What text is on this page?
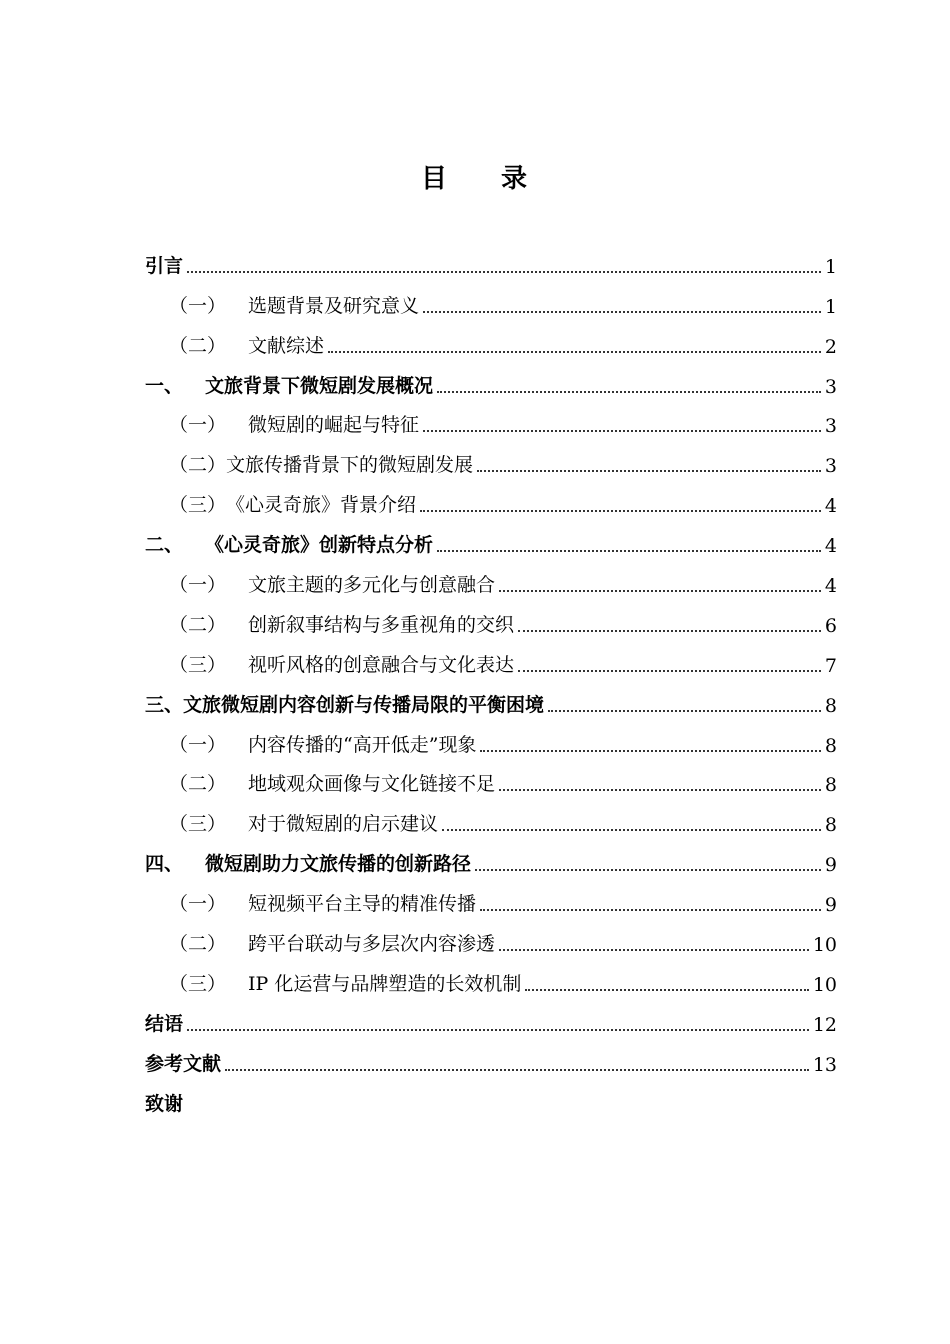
目 录
引言	1
（一） 选题背景及研究意义	1
（二） 文献综述	2
一、 文旅背景下微短剧发展概况	3
（一） 微短剧的崛起与特征	3
（二）文旅传播背景下的微短剧发展	3
（三）《心灵奇旅》背景介绍	4
二、 《心灵奇旅》创新特点分析	4
（一） 文旅主题的多元化与创意融合	4
（二） 创新叙事结构与多重视角的交织	6
（三） 视听风格的创意融合与文化表达	7
三、文旅微短剧内容创新与传播局限的平衡困境	8
（一） 内容传播的“高开低走”现象	8
（二） 地域观众画像与文化链接不足	8
（三） 对于微短剧的启示建议	8
四、 微短剧助力文旅传播的创新路径	9
（一） 短视频平台主导的精准传播	9
（二） 跨平台联动与多层次内容渗透	10
（三） IP 化运营与品牌塑造的长效机制	10
结语	12
参考文献	13
致谢
